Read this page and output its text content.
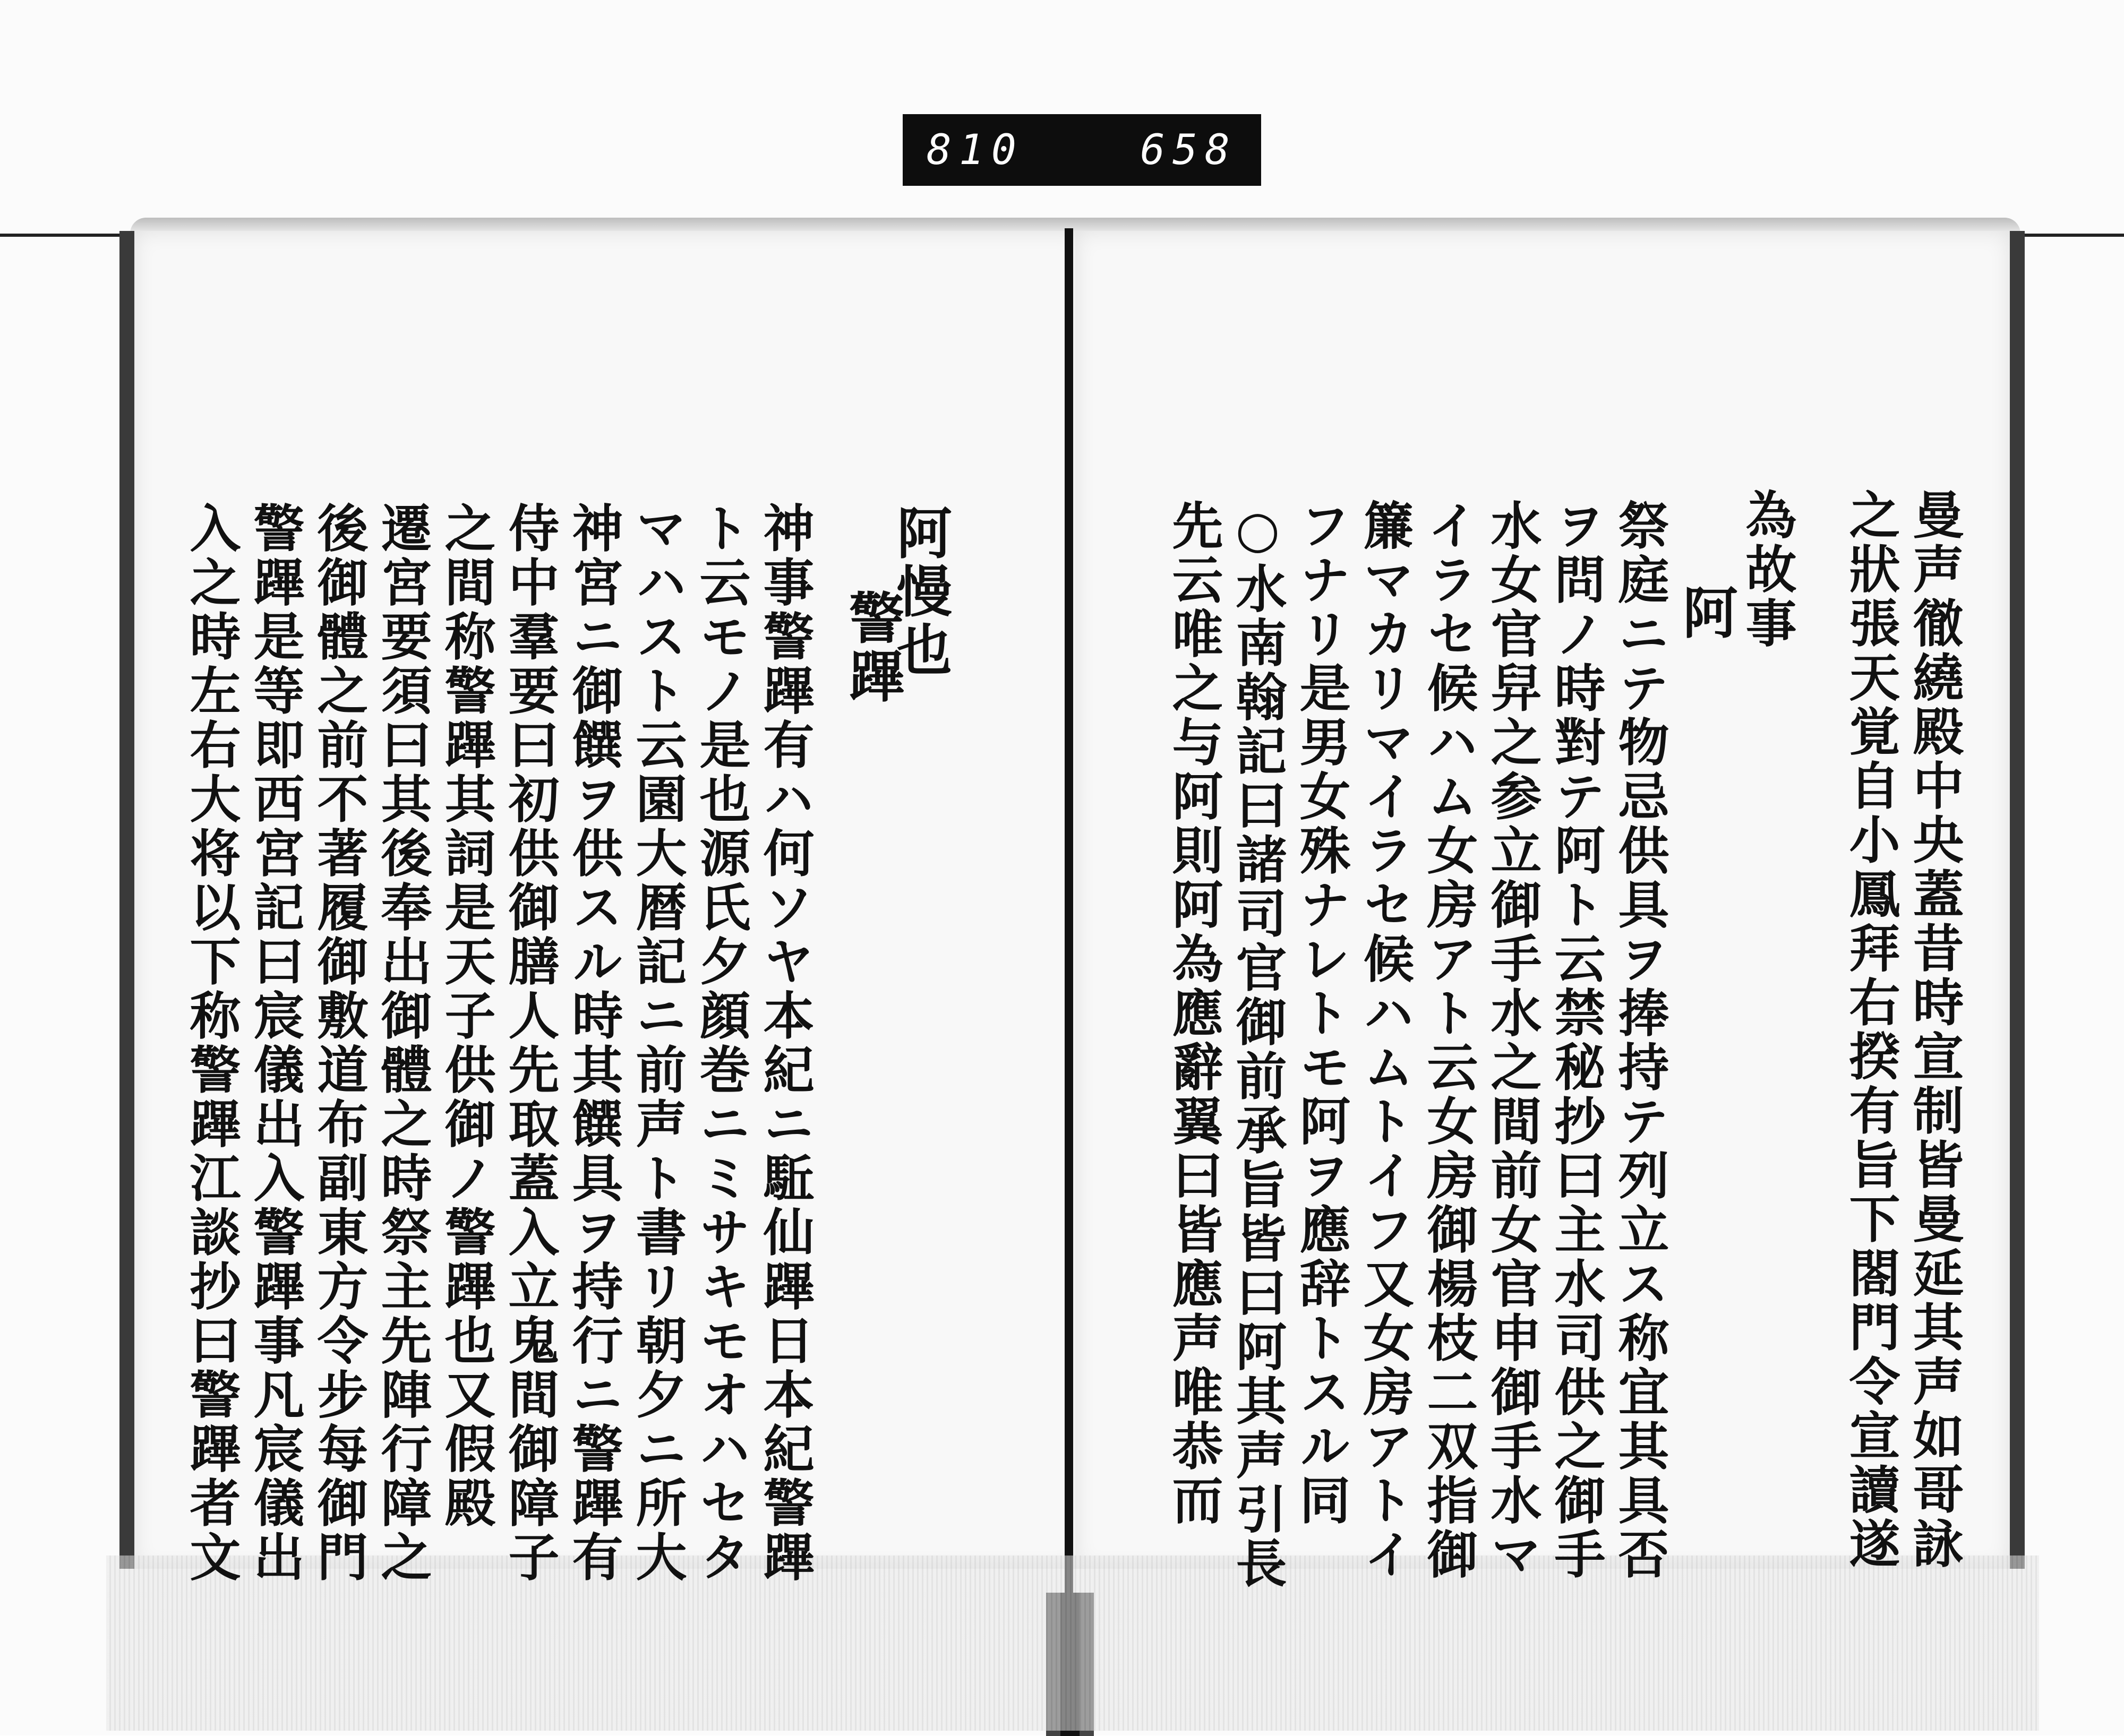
810	658
曼声徹繞殿中央蓋昔時宣制皆曼延其声如哥詠
之狀張天覚自小鳳拜右揆有旨下閤門令宣讀遂
為故事
阿
祭庭ニテ物忌供具ヲ捧持テ列立ス称宜其具否
ヲ問ノ時對テ阿ト云禁秘抄曰主水司供之御手
水女官舁之参立御手水之間前女官申御手水マ
イラセ候ハム女房アト云女房御楊枝二双指御
簾マカリマイラセ候ハムトイフ又女房アトイ
フナリ是男女殊ナレトモ阿ヲ應辞トスル同
○水南翰記曰諸司官御前承旨皆曰阿其声引長
先云唯之与阿則阿為應辭翼曰皆應声唯恭而
阿慢也
警蹕
神事警蹕有ハ何ソヤ本紀ニ駈仙蹕日本紀警蹕
ト云モノ是也源氏夕顔巻ニミサキモオハセタ
マハスト云園大暦記ニ前声ト書リ朝夕ニ所大
神宮ニ御饌ヲ供スル時其饌具ヲ持行ニ警蹕有
侍中羣要曰初供御膳人先取蓋入立鬼間御障子
之間称警蹕其詞是天子供御ノ警蹕也又假殿
遷宮要須曰其後奉出御體之時祭主先陣行障之
後御體之前不著履御敷道布副東方令步每御門
警蹕是等即西宮記曰宸儀出入警蹕事凡宸儀出
入之時左右大将以下称警蹕江談抄曰警蹕者文
